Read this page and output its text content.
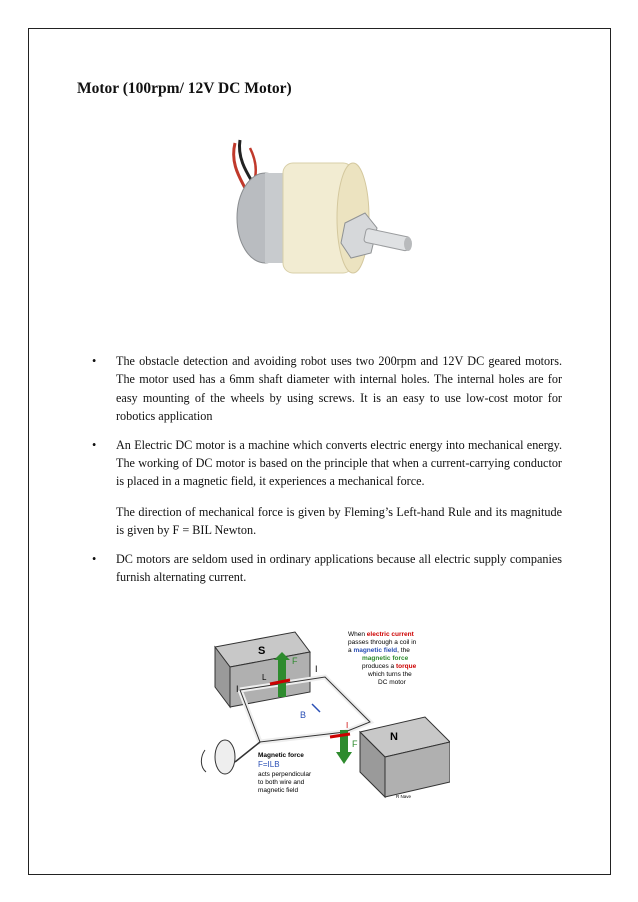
Motor (100rpm/ 12V DC Motor)
• The obstacle detection and avoiding robot uses two 200rpm and 12V DC geared motors. The motor used has a 6mm shaft diameter with internal holes. The internal holes are for easy mounting of the wheels by using screws. It is an easy to use low-cost motor for robotics application

• An Electric DC motor is a machine which converts electric energy into mechanical energy. The working of DC motor is based on the principle that when a current-carrying conductor is placed in a magnetic field, it experiences a mechanical force.

The direction of mechanical force is given by Fleming’s Left-hand Rule and its magnitude is given by F = BIL Newton.

• DC motors are seldom used in ordinary applications because all electric supply companies furnish alternating current.

S
N
F
F
I
I
I
L
B
When electric current
passes through a coil in
a magnetic field, the
magnetic force
produces a torque
which turns the
DC motor
Magnetic force
F=ILB
acts perpendicular
to both wire and
magnetic field
R Nave
